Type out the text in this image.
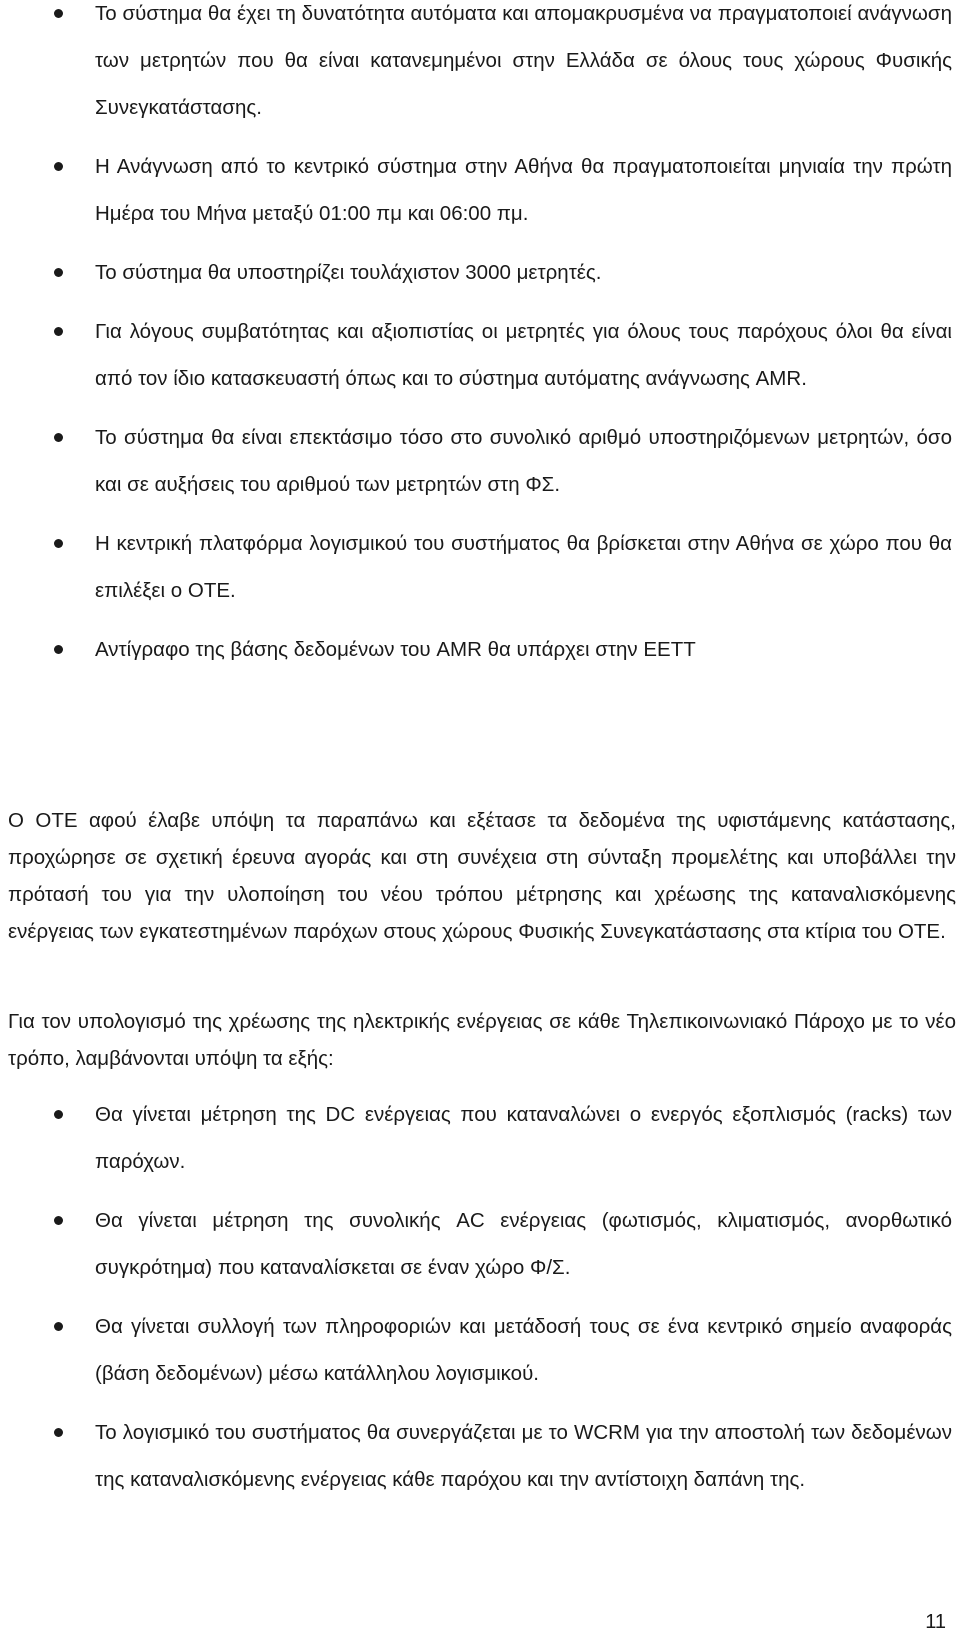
Το σύστημα θα έχει τη δυνατότητα αυτόματα και απομακρυσμένα να πραγματοποιεί ανάγνωση των μετρητών που θα είναι κατανεμημένοι στην Ελλάδα σε όλους τους χώρους Φυσικής Συνεγκατάστασης.
Η Ανάγνωση από το κεντρικό σύστημα στην Αθήνα θα πραγματοποιείται μηνιαία την πρώτη Ημέρα του Μήνα μεταξύ 01:00 πμ και 06:00 πμ.
Το σύστημα θα υποστηρίζει τουλάχιστον 3000 μετρητές.
Για λόγους συμβατότητας και αξιοπιστίας οι μετρητές για όλους τους παρόχους όλοι θα είναι από τον ίδιο κατασκευαστή όπως και το σύστημα αυτόματης ανάγνωσης AMR.
Το σύστημα θα είναι επεκτάσιμο τόσο στο συνολικό αριθμό υποστηριζόμενων μετρητών, όσο και σε αυξήσεις του αριθμού των μετρητών στη ΦΣ.
Η κεντρική πλατφόρμα λογισμικού του συστήματος θα βρίσκεται στην Αθήνα σε χώρο που θα επιλέξει ο ΟΤΕ.
Αντίγραφο της βάσης δεδομένων του AMR θα υπάρχει στην ΕΕΤΤ

Ο ΟΤΕ αφού έλαβε υπόψη τα παραπάνω και εξέτασε τα δεδομένα της υφιστάμενης κατάστασης, προχώρησε σε σχετική έρευνα αγοράς και στη συνέχεια στη σύνταξη προμελέτης και υποβάλλει την πρότασή του για την υλοποίηση του νέου τρόπου μέτρησης και χρέωσης της καταναλισκόμενης ενέργειας των εγκατεστημένων παρόχων στους χώρους Φυσικής Συνεγκατάστασης στα κτίρια του ΟΤΕ.

Για τον υπολογισμό της χρέωσης της ηλεκτρικής ενέργειας σε κάθε Τηλεπικοινωνιακό Πάροχο με το νέο τρόπο, λαμβάνονται υπόψη τα εξής:

Θα γίνεται μέτρηση της DC ενέργειας που καταναλώνει ο ενεργός εξοπλισμός (racks) των παρόχων.
Θα γίνεται μέτρηση της συνολικής AC ενέργειας (φωτισμός, κλιματισμός, ανορθωτικό συγκρότημα) που καταναλίσκεται σε έναν χώρο Φ/Σ.
Θα γίνεται συλλογή των πληροφοριών και μετάδοσή τους σε ένα κεντρικό σημείο αναφοράς (βάση δεδομένων) μέσω κατάλληλου λογισμικού.
Το λογισμικό του συστήματος θα συνεργάζεται με το WCRM για την αποστολή των δεδομένων της καταναλισκόμενης ενέργειας κάθε παρόχου και την αντίστοιχη δαπάνη της.
11
